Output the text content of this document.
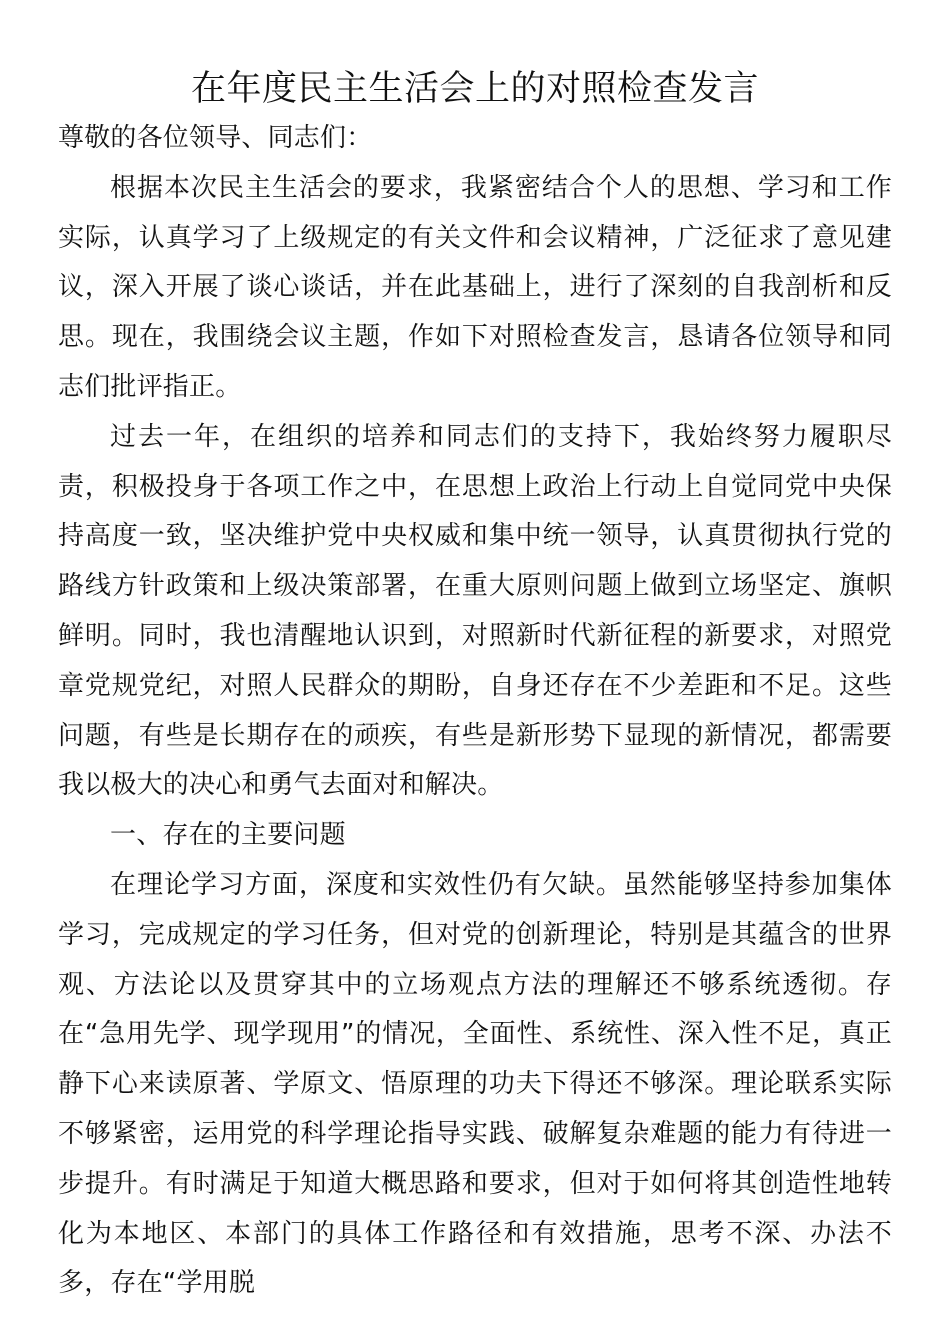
在年度民主生活会上的对照检查发言

尊敬的各位领导、同志们：

根据本次民主生活会的要求，我紧密结合个人的思想、学习和工作实际，认真学习了上级规定的有关文件和会议精神，广泛征求了意见建议，深入开展了谈心谈话，并在此基础上，进行了深刻的自我剖析和反思。现在，我围绕会议主题，作如下对照检查发言，恳请各位领导和同志们批评指正。

过去一年，在组织的培养和同志们的支持下，我始终努力履职尽责，积极投身于各项工作之中，在思想上政治上行动上自觉同党中央保持高度一致，坚决维护党中央权威和集中统一领导，认真贯彻执行党的路线方针政策和上级决策部署，在重大原则问题上做到立场坚定、旗帜鲜明。同时，我也清醒地认识到，对照新时代新征程的新要求，对照党章党规党纪，对照人民群众的期盼，自身还存在不少差距和不足。这些问题，有些是长期存在的顽疾，有些是新形势下显现的新情况，都需要我以极大的决心和勇气去面对和解决。

一、存在的主要问题

在理论学习方面，深度和实效性仍有欠缺。虽然能够坚持参加集体学习，完成规定的学习任务，但对党的创新理论，特别是其蕴含的世界观、方法论以及贯穿其中的立场观点方法的理解还不够系统透彻。存在“急用先学、现学现用”的情况，全面性、系统性、深入性不足，真正静下心来读原著、学原文、悟原理的功夫下得还不够深。理论联系实际不够紧密，运用党的科学理论指导实践、破解复杂难题的能力有待进一步提升。有时满足于知道大概思路和要求，但对于如何将其创造性地转化为本地区、本部门的具体工作路径和有效措施，思考不深、办法不多，存在“学用脱
